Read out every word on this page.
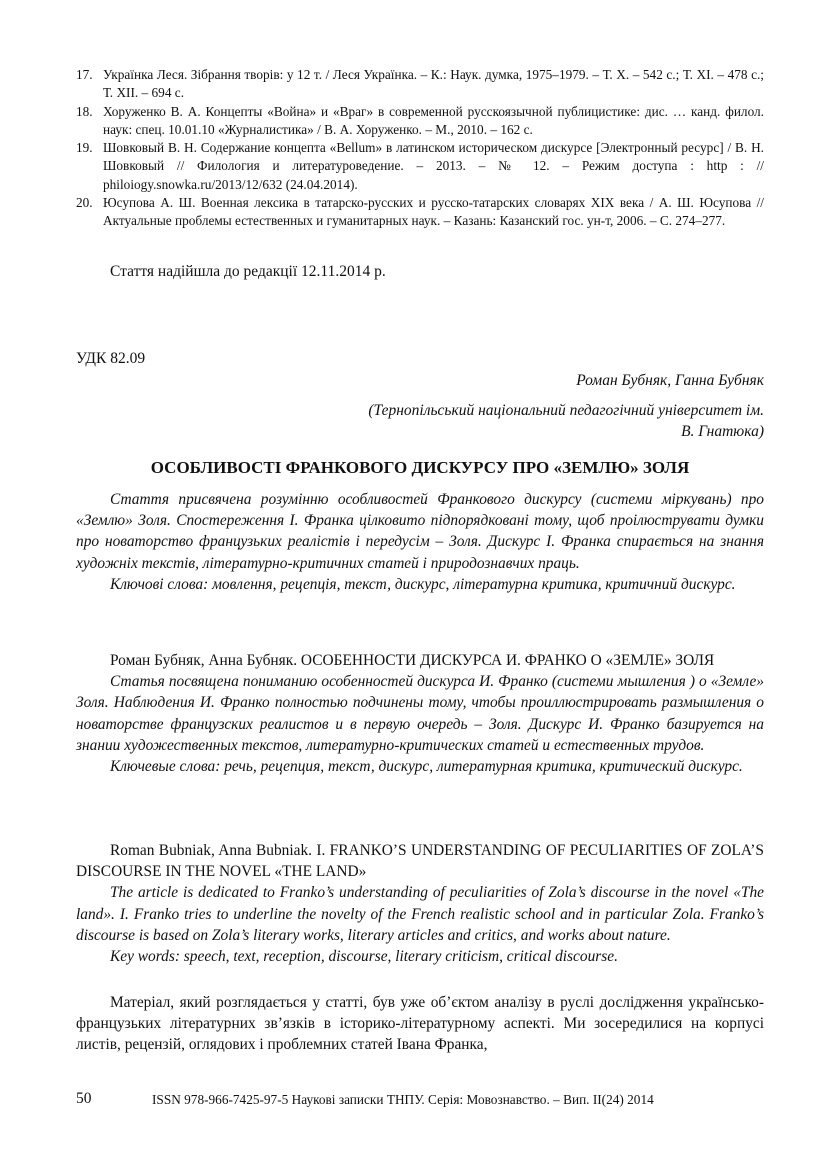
17. Українка Леся. Зібрання творів: у 12 т. / Леся Українка. – К.: Наук. думка, 1975–1979. – Т. Х. – 542 с.; Т. ХІ. – 478 с.; Т. ХІІ. – 694 с.
18. Хоруженко В. А. Концепты «Война» и «Враг» в современной русскоязычной публицистике: дис. … канд. филол. наук: спец. 10.01.10 «Журналистика» / В. А. Хоруженко. – М., 2010. – 162 с.
19. Шовковый В. Н. Содержание концепта «Bellum» в латинском историческом дискурсе [Электронный ресурс] / В. Н. Шовковый // Филология и литературоведение. – 2013. – № 12. – Режим доступа : http : // philoiogy.snowka.ru/2013/12/632 (24.04.2014).
20. Юсупова А. Ш. Военная лексика в татарско-русских и русско-татарских словарях XIX века / А. Ш. Юсупова // Актуальные проблемы естественных и гуманитарных наук. – Казань: Казанский гос. ун-т, 2006. – С. 274–277.
Стаття надійшла до редакції 12.11.2014 р.
УДК 82.09
Роман Бубняк, Ганна Бубняк
(Тернопільський національний педагогічний університет ім. В. Гнатюка)
ОСОБЛИВОСТІ ФРАНКОВОГО ДИСКУРСУ ПРО «ЗЕМЛЮ» ЗОЛЯ

Стаття присвячена розумінню особливостей Франкового дискурсу (системи міркувань) про «Землю» Золя. Спостереження І. Франка цілковито підпорядковані тому, щоб проілюструвати думки про новаторство французьких реалістів і передусім – Золя. Дискурс І. Франка спирається на знання художніх текстів, літературно-критичних статей і природознавчих праць.

Ключові слова: мовлення, рецепція, текст, дискурс, літературна критика, критичний дискурс.

Роман Бубняк, Анна Бубняк. ОСОБЕННОСТИ ДИСКУРСА И. ФРАНКО О «ЗЕМЛЕ» ЗОЛЯ

Статья посвящена пониманию особенностей дискурса И. Франко (системи мышления ) о «Земле» Золя. Наблюдения И. Франко полностью подчинены тому, чтобы проиллюстрировать размышления о новаторстве французских реалистов и в первую очередь – Золя. Дискурс И. Франко базируется на знании художественных текстов, литературно-критических статей и естественных трудов.

Ключевые слова: речь, рецепция, текст, дискурс, литературная критика, критический дискурс.

Roman Bubniak, Anna Bubniak. I. FRANKO’S UNDERSTANDING OF PECULIARITIES OF ZOLA’S DISCOURSE IN THE NOVEL «THE LAND»

The article is dedicated to Franko’s understanding of peculiarities of Zola’s discourse in the novel «The land». I. Franko tries to underline the novelty of the French realistic school and in particular Zola. Franko’s discourse is based on Zola’s literary works, literary articles and critics, and works about nature.

Key words: speech, text, reception, discourse, literary criticism, critical discourse.

Матеріал, який розглядається у статті, був уже об’єктом аналізу в руслі дослідження українсько-французьких літературних зв’язків в історико-літературному аспекті. Ми зосередилися на корпусі листів, рецензій, оглядових і проблемних статей Івана Франка,

50	ISSN 978-966-7425-97-5 Наукові записки ТНПУ. Серія: Мовознавство. – Вип. ІІ(24) 2014
